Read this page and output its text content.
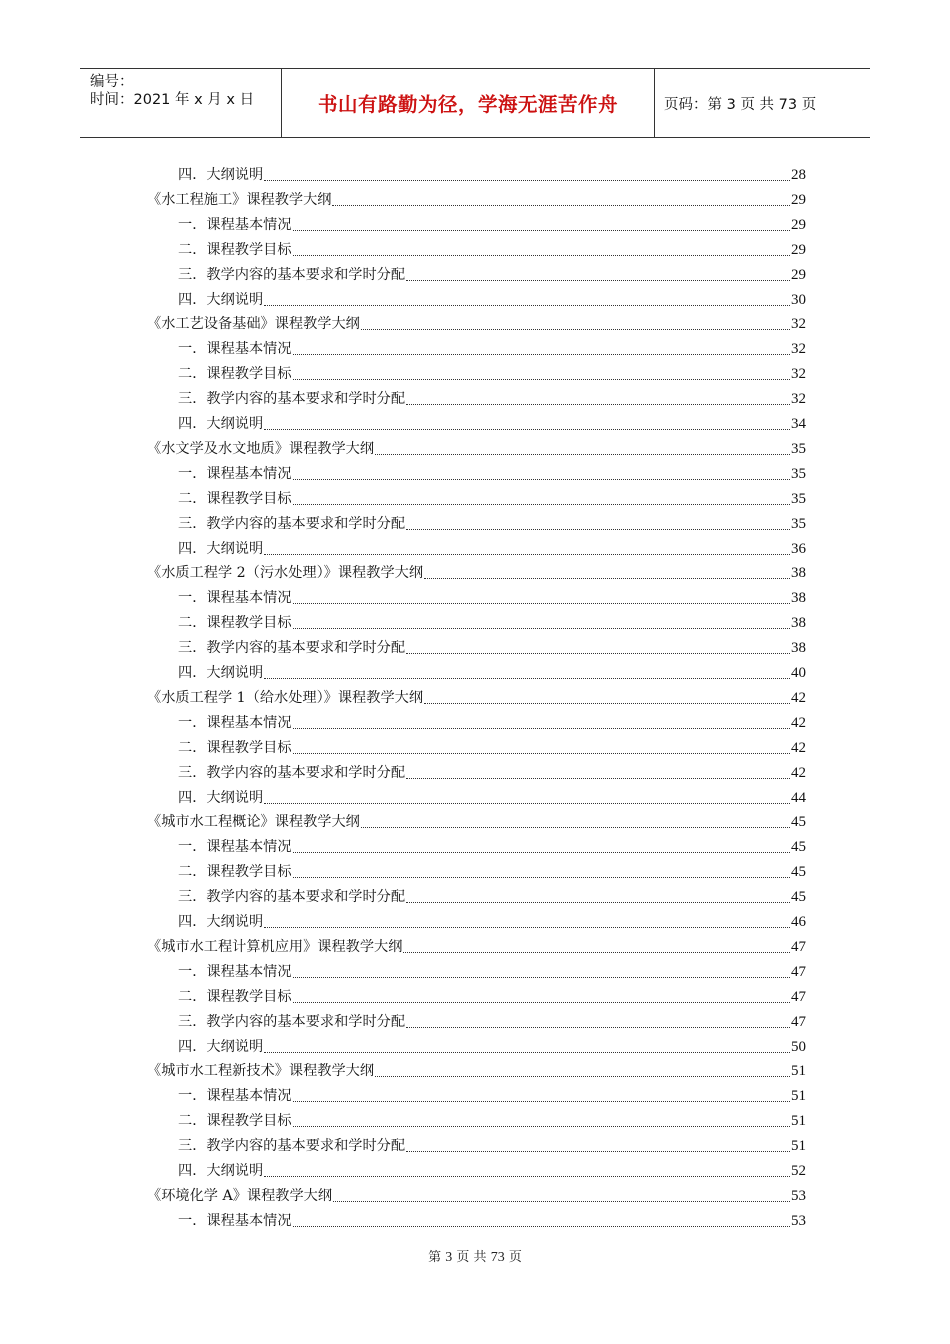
编号：
时间：2021 年 x 月 x 日	书山有路勤为径，学海无涯苦作舟	页码：第 3 页 共 73 页
四．大纲说明	28
《水工程施工》课程教学大纲	29
一．课程基本情况	29
二．课程教学目标	29
三．教学内容的基本要求和学时分配	29
四．大纲说明	30
《水工艺设备基础》课程教学大纲	32
一．课程基本情况	32
二．课程教学目标	32
三．教学内容的基本要求和学时分配	32
四．大纲说明	34
《水文学及水文地质》课程教学大纲	35
一．课程基本情况	35
二．课程教学目标	35
三．教学内容的基本要求和学时分配	35
四．大纲说明	36
《水质工程学 2（污水处理）》课程教学大纲	38
一．课程基本情况	38
二．课程教学目标	38
三．教学内容的基本要求和学时分配	38
四．大纲说明	40
《水质工程学 1（给水处理）》课程教学大纲	42
一．课程基本情况	42
二．课程教学目标	42
三．教学内容的基本要求和学时分配	42
四．大纲说明	44
《城市水工程概论》课程教学大纲	45
一．课程基本情况	45
二．课程教学目标	45
三．教学内容的基本要求和学时分配	45
四．大纲说明	46
《城市水工程计算机应用》课程教学大纲	47
一．课程基本情况	47
二．课程教学目标	47
三．教学内容的基本要求和学时分配	47
四．大纲说明	50
《城市水工程新技术》课程教学大纲	51
一．课程基本情况	51
二．课程教学目标	51
三．教学内容的基本要求和学时分配	51
四．大纲说明	52
《环境化学 A》课程教学大纲	53
一．课程基本情况	53
第 3 页 共 73 页
